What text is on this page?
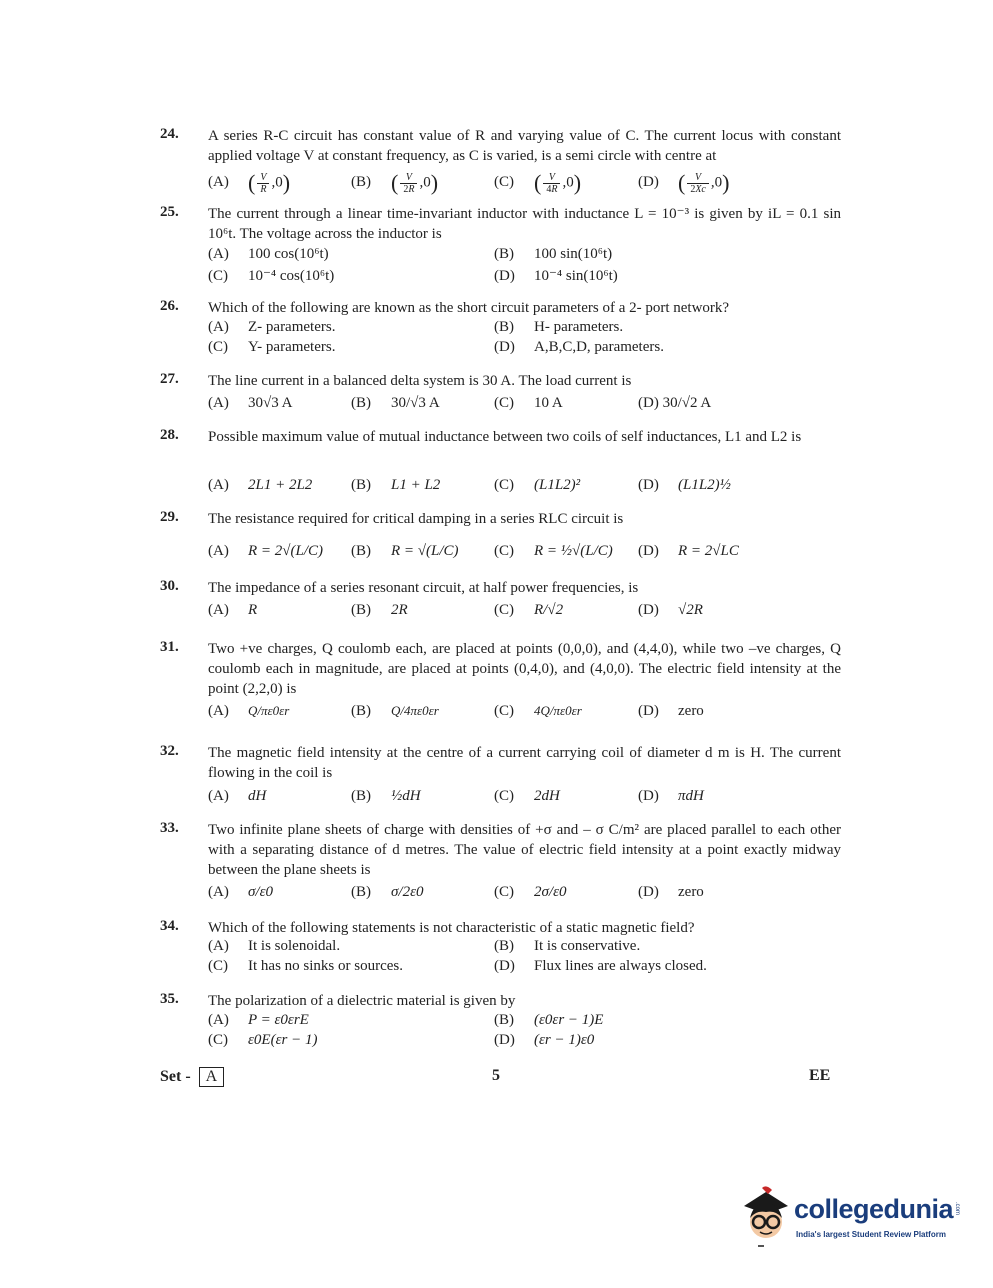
24. A series R-C circuit has constant value of R and varying value of C. The current locus with constant applied voltage V at constant frequency, as C is varied, is a semi circle with centre at
(A) ( $\frac{V}{R} ,0$)	(B) ( $\frac{V}{2R} ,0$)	(C) ( $\frac{V}{4R} ,0$)	(D) ( $\frac{V}{2Xc} ,0$)
25. The current through a linear time-invariant inductor with inductance L = 10⁻³ is given by iL = 0.1 sin 10⁶t. The voltage across the inductor is
(A) 100 cos(10⁶t)	(B) 100 sin(10⁶t)
(C) 10⁻⁴ cos(10⁶t)	(D) 10⁻⁴ sin(10⁶t)
26. Which of the following are known as the short circuit parameters of a 2- port network?
(A) Z- parameters.	(B) H- parameters.
(C) Y- parameters.	(D) A,B,C,D, parameters.
27. The line current in a balanced delta system is 30 A. The load current is
(A) 30√3 A	(B) 30/√3 A	(C) 10 A	(D) 30/√2 A
28. Possible maximum value of mutual inductance between two coils of self inductances, L1 and L2 is
(A) 2L1 + 2L2	(B) L1 + L2	(C) (L1L2)²	(D) (L1L2)½
29. The resistance required for critical damping in a series RLC circuit is
(A) R = 2√(L/C) (B) R = √(L/C) (C) R = ½√(L/C) (D) R = 2√LC
30. The impedance of a series resonant circuit, at half power frequencies, is
(A) R	(B) 2R	(C) R/√2	(D) √2R
31. Two +ve charges, Q coulomb each, are placed at points (0,0,0), and (4,4,0), while two –ve charges, Q coulomb each in magnitude, are placed at points (0,4,0), and (4,0,0). The electric field intensity at the point (2,2,0) is
(A) Q/πε0εr	(B) Q/4πε0εr	(C) 4Q/πε0εr	(D) zero
32. The magnetic field intensity at the centre of a current carrying coil of diameter d m is H. The current flowing in the coil is
(A) dH	(B) ½dH	(C) 2dH	(D) πdH
33. Two infinite plane sheets of charge with densities of +σ and – σ C/m² are placed parallel to each other with a separating distance of d metres. The value of electric field intensity at a point exactly midway between the plane sheets is
(A) σ/ε0	(B) σ/2ε0	(C) 2σ/ε0	(D) zero
34. Which of the following statements is not characteristic of a static magnetic field?
(A) It is solenoidal.	(B) It is conservative.
(C) It has no sinks or sources.	(D) Flux lines are always closed.
35. The polarization of a dielectric material is given by
(A) P = ε0εrE	(B) (ε0εr − 1)E
(C) ε0E(εr − 1)	(D) (εr − 1)ε0
Set - A	5	EE
collegedunia .com
India's largest Student Review Platform
